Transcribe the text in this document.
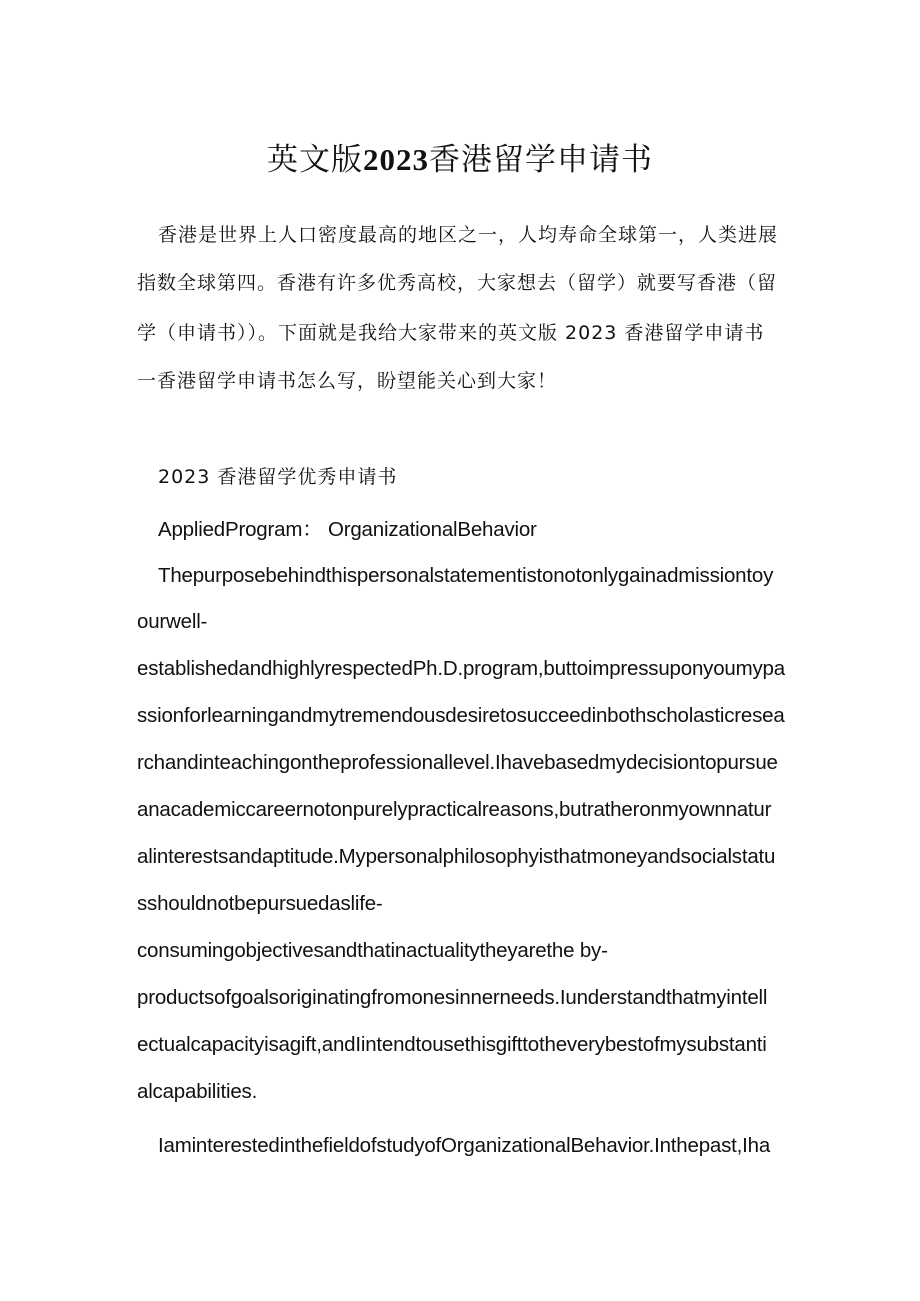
英文版2023香港留学申请书

香港是世界上人口密度最高的地区之一，人均寿命全球第一，人类进展

指数全球第四。香港有许多优秀高校，大家想去（留学）就要写香港（留

学（申请书））。下面就是我给大家带来的英文版 2023 香港留学申请书

一香港留学申请书怎么写，盼望能关心到大家！

2023 香港留学优秀申请书

AppliedProgram： OrganizationalBehavior

Thepurposebehindthispersonalstatementistonotonlygainadmissiontoy

ourwell-

establishedandhighlyrespectedPh.D.program,buttoimpressuponyoumypa

ssionforlearningandmytremendousdesiretosucceedinbothscholasticresea

rchandinteachingontheprofessionallevel.Ihavebasedmydecisiontopursue

anacademiccareernotonpurelypracticalreasons,butratheronmyownnatur

alinterestsandaptitude.Mypersonalphilosophyisthatmoneyandsocialstatu

sshouldnotbepursuedaslife-

consumingobjectivesandthatinactualitytheyarethe by-

productsofgoalsoriginatingfromonesinnerneeds.Iunderstandthatmyintell

ectualcapacityisagift,andIintendtousethisgifttotheverybestofmysubstanti

alcapabilities.

IaminterestedinthefieldofstudyofOrganizationalBehavior.Inthepast,Iha
